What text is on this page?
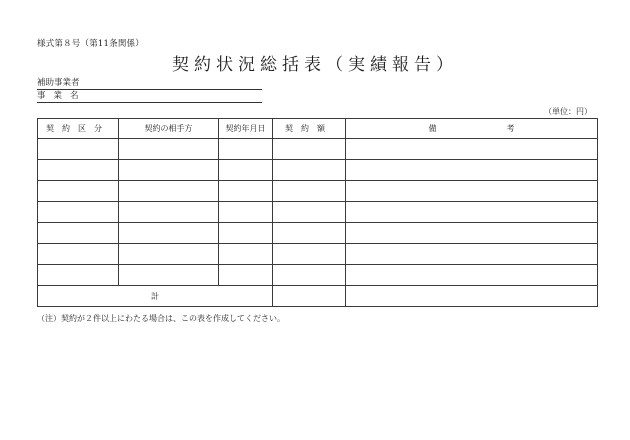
様式第８号（第11条関係）
契約状況総括表（実績報告）
補助事業者
事業名
（単位：円）
契約区分	契約の相手方	契約年月日	契約額	備 考

計				
（注）契約が２件以上にわたる場合は、この表を作成してください。
